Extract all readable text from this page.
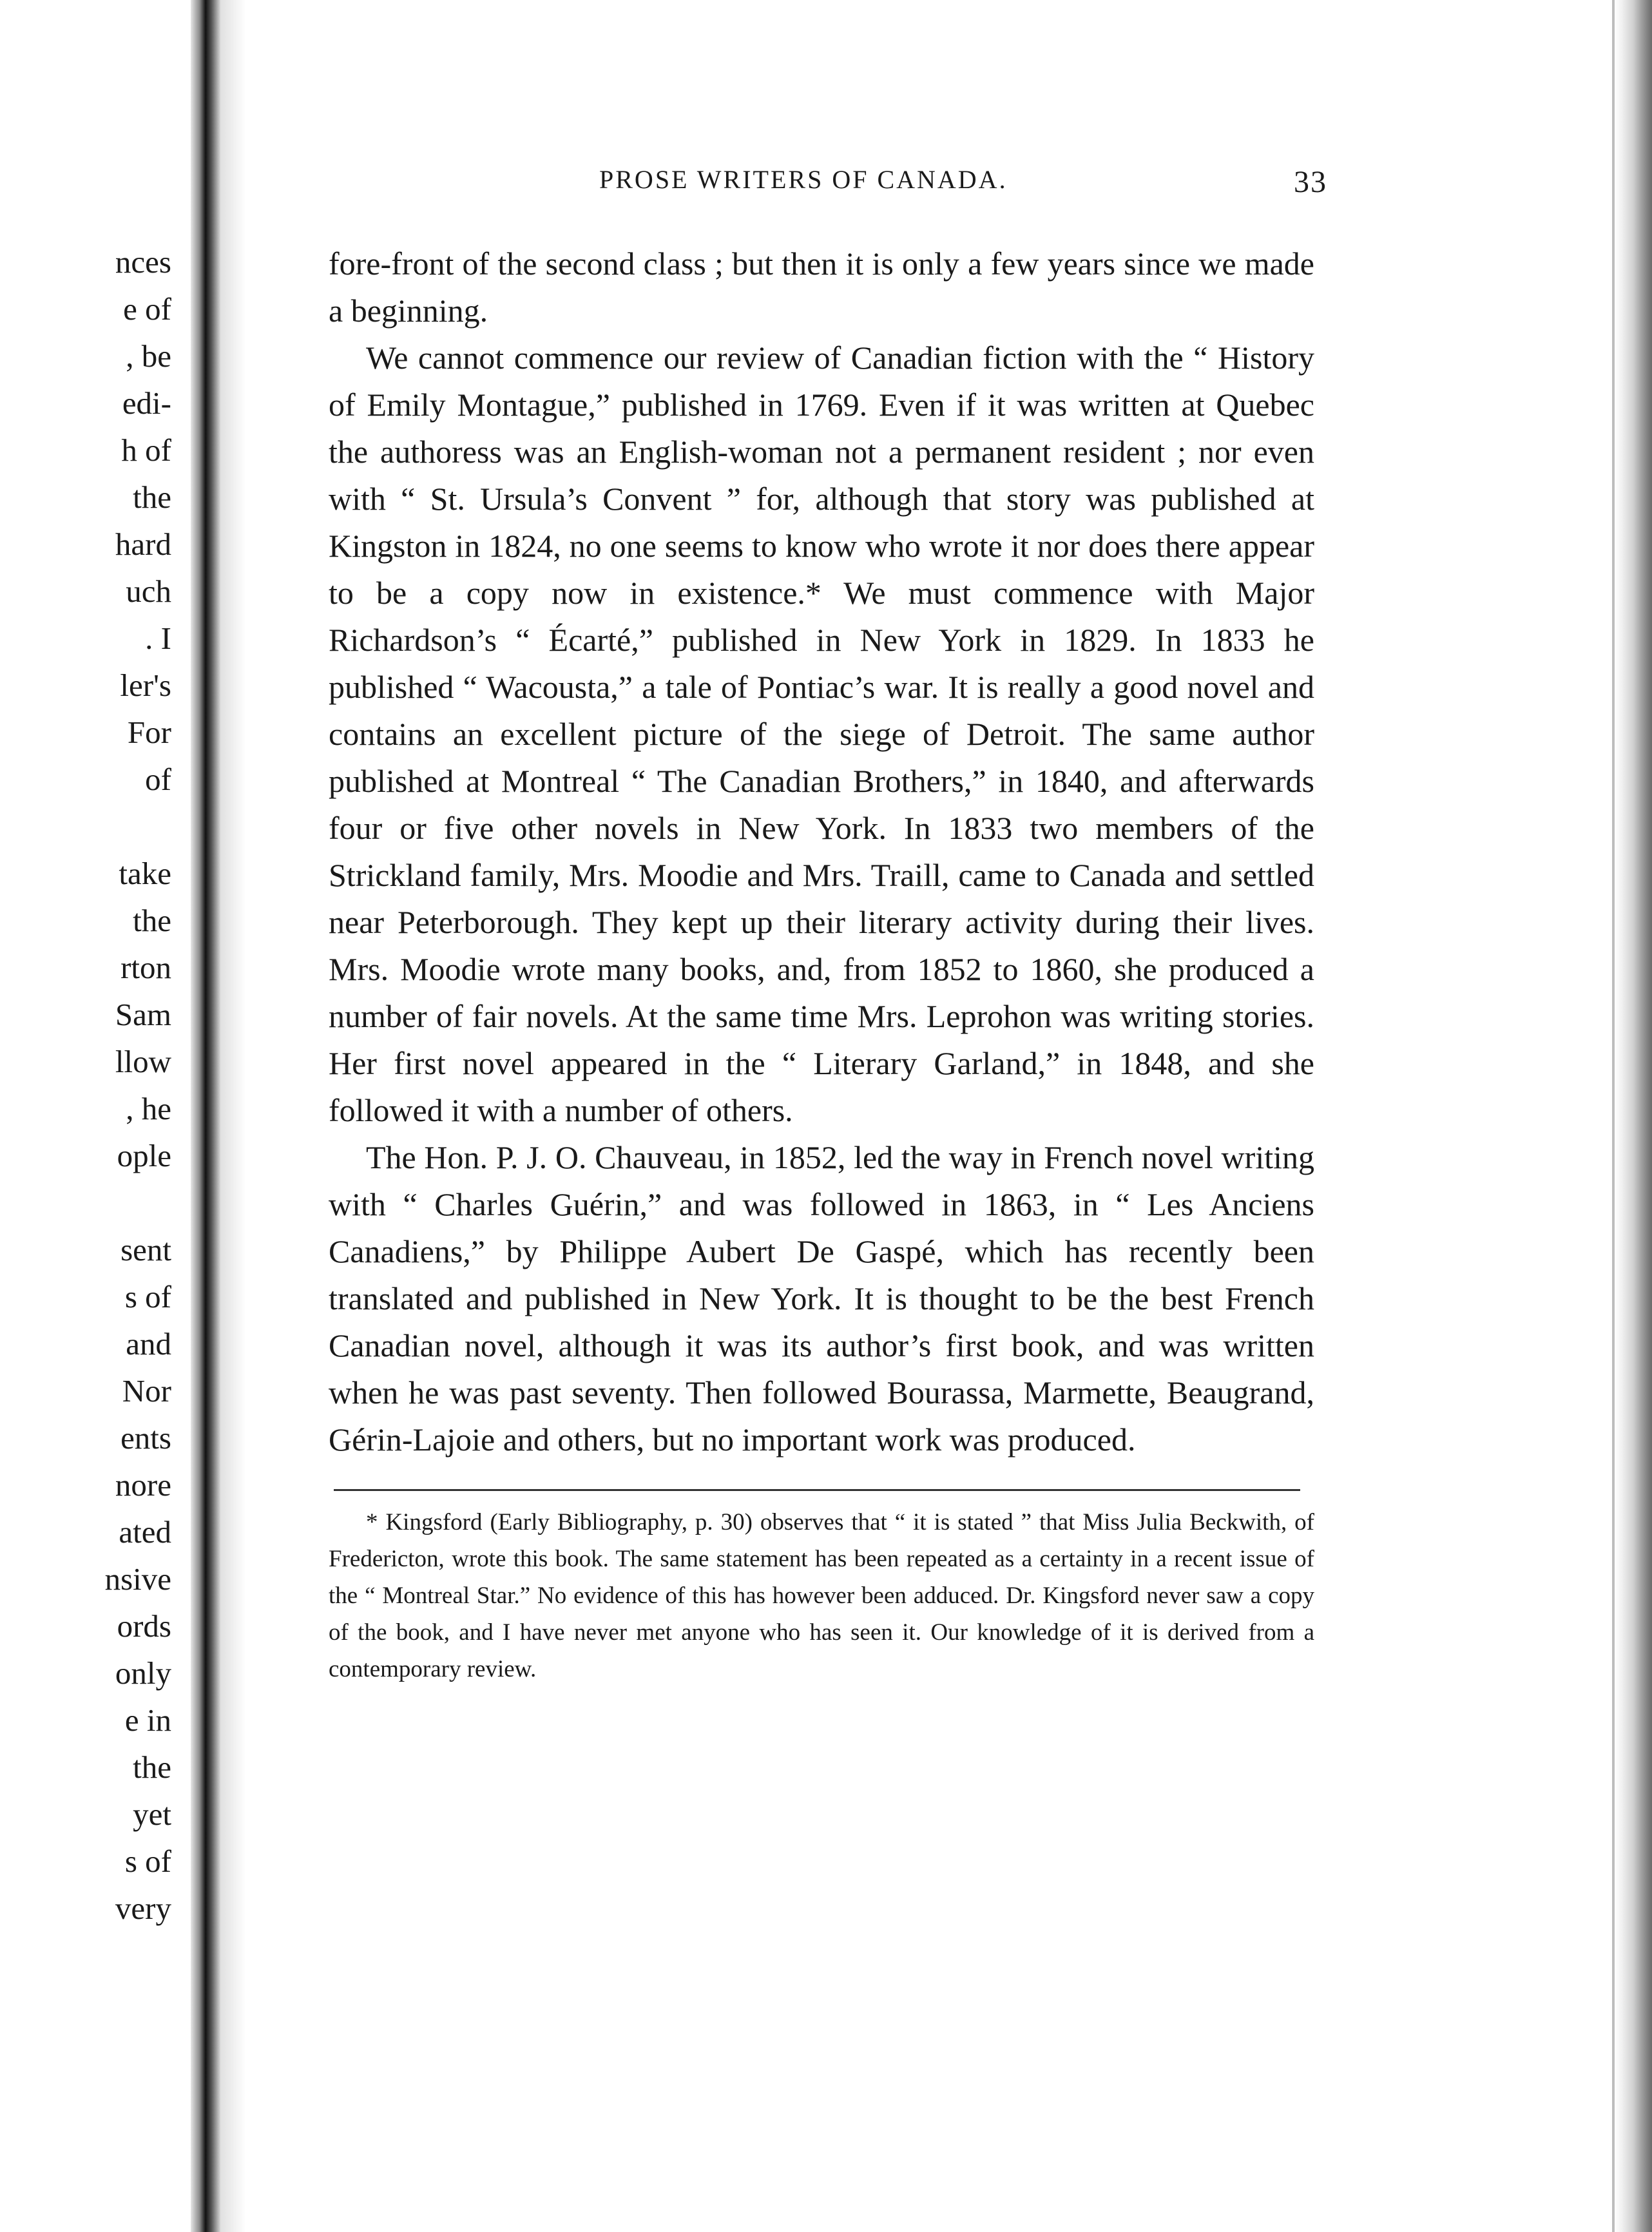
nces
e of
, be
edi-
h of
the
hard
uch
. I
ler's
For
of
take
the
rton
Sam
llow
, he
ople
sent
s of
and
Nor
ents
nore
ated
nsive
ords
only
e in
the
yet
s of
very
PROSE WRITERS OF CANADA.	33

fore-front of the second class ; but then it is only a few years since we made a beginning.

We cannot commence our review of Canadian fiction with the “ History of Emily Montague,” published in 1769. Even if it was written at Quebec the authoress was an English-woman not a permanent resident ; nor even with “ St. Ursula’s Convent ” for, although that story was published at Kingston in 1824, no one seems to know who wrote it nor does there appear to be a copy now in existence.* We must commence with Major Richardson’s “ Écarté,” published in New York in 1829. In 1833 he published “ Wacousta,” a tale of Pontiac’s war. It is really a good novel and contains an excellent picture of the siege of Detroit. The same author published at Montreal “ The Canadian Brothers,” in 1840, and afterwards four or five other novels in New York. In 1833 two members of the Strickland family, Mrs. Moodie and Mrs. Traill, came to Canada and settled near Peterborough. They kept up their literary activity during their lives. Mrs. Moodie wrote many books, and, from 1852 to 1860, she produced a number of fair novels. At the same time Mrs. Leprohon was writing stories. Her first novel appeared in the “ Literary Garland,” in 1848, and she followed it with a number of others.

The Hon. P. J. O. Chauveau, in 1852, led the way in French novel writing with “ Charles Guérin,” and was followed in 1863, in “ Les Anciens Canadiens,” by Philippe Aubert De Gaspé, which has recently been translated and published in New York. It is thought to be the best French Canadian novel, although it was its author’s first book, and was written when he was past seventy. Then followed Bourassa, Marmette, Beaugrand, Gérin-Lajoie and others, but no important work was produced.

* Kingsford (Early Bibliography, p. 30) observes that “ it is stated ” that Miss Julia Beckwith, of Fredericton, wrote this book. The same statement has been repeated as a certainty in a recent issue of the “ Montreal Star.” No evidence of this has however been adduced. Dr. Kingsford never saw a copy of the book, and I have never met anyone who has seen it. Our knowledge of it is derived from a contemporary review.
